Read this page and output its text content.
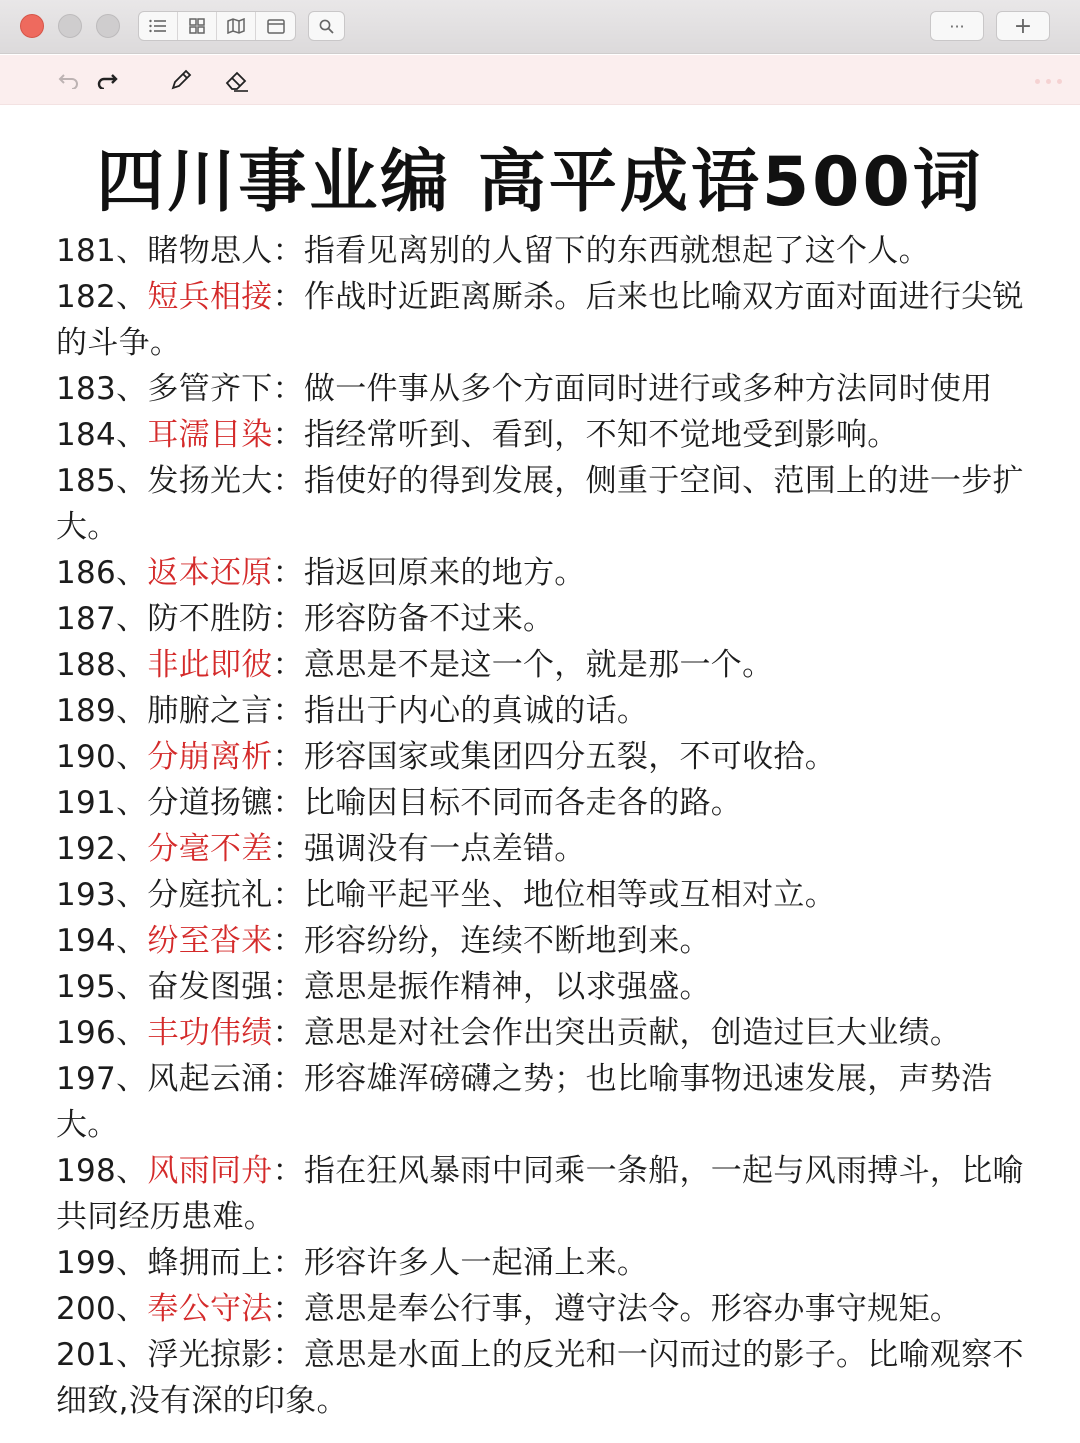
··· +
四川事业编 高平成语500词

181、睹物思人：指看见离别的人留下的东西就想起了这个人。

182、短兵相接：作战时近距离厮杀。后来也比喻双方面对面进行尖锐的斗争。

183、多管齐下：做一件事从多个方面同时进行或多种方法同时使用

184、耳濡目染：指经常听到、看到，不知不觉地受到影响。

185、发扬光大：指使好的得到发展，侧重于空间、范围上的进一步扩大。

186、返本还原：指返回原来的地方。

187、防不胜防：形容防备不过来。

188、非此即彼：意思是不是这一个，就是那一个。

189、肺腑之言：指出于内心的真诚的话。

190、分崩离析：形容国家或集团四分五裂，不可收拾。

191、分道扬镳：比喻因目标不同而各走各的路。

192、分毫不差：强调没有一点差错。

193、分庭抗礼：比喻平起平坐、地位相等或互相对立。

194、纷至沓来：形容纷纷，连续不断地到来。

195、奋发图强：意思是振作精神，以求强盛。

196、丰功伟绩：意思是对社会作出突出贡献，创造过巨大业绩。

197、风起云涌：形容雄浑磅礴之势；也比喻事物迅速发展，声势浩大。

198、风雨同舟：指在狂风暴雨中同乘一条船，一起与风雨搏斗，比喻共同经历患难。

199、蜂拥而上：形容许多人一起涌上来。

200、奉公守法：意思是奉公行事，遵守法令。形容办事守规矩。

201、浮光掠影：意思是水面上的反光和一闪而过的影子。比喻观察不细致,没有深的印象。
